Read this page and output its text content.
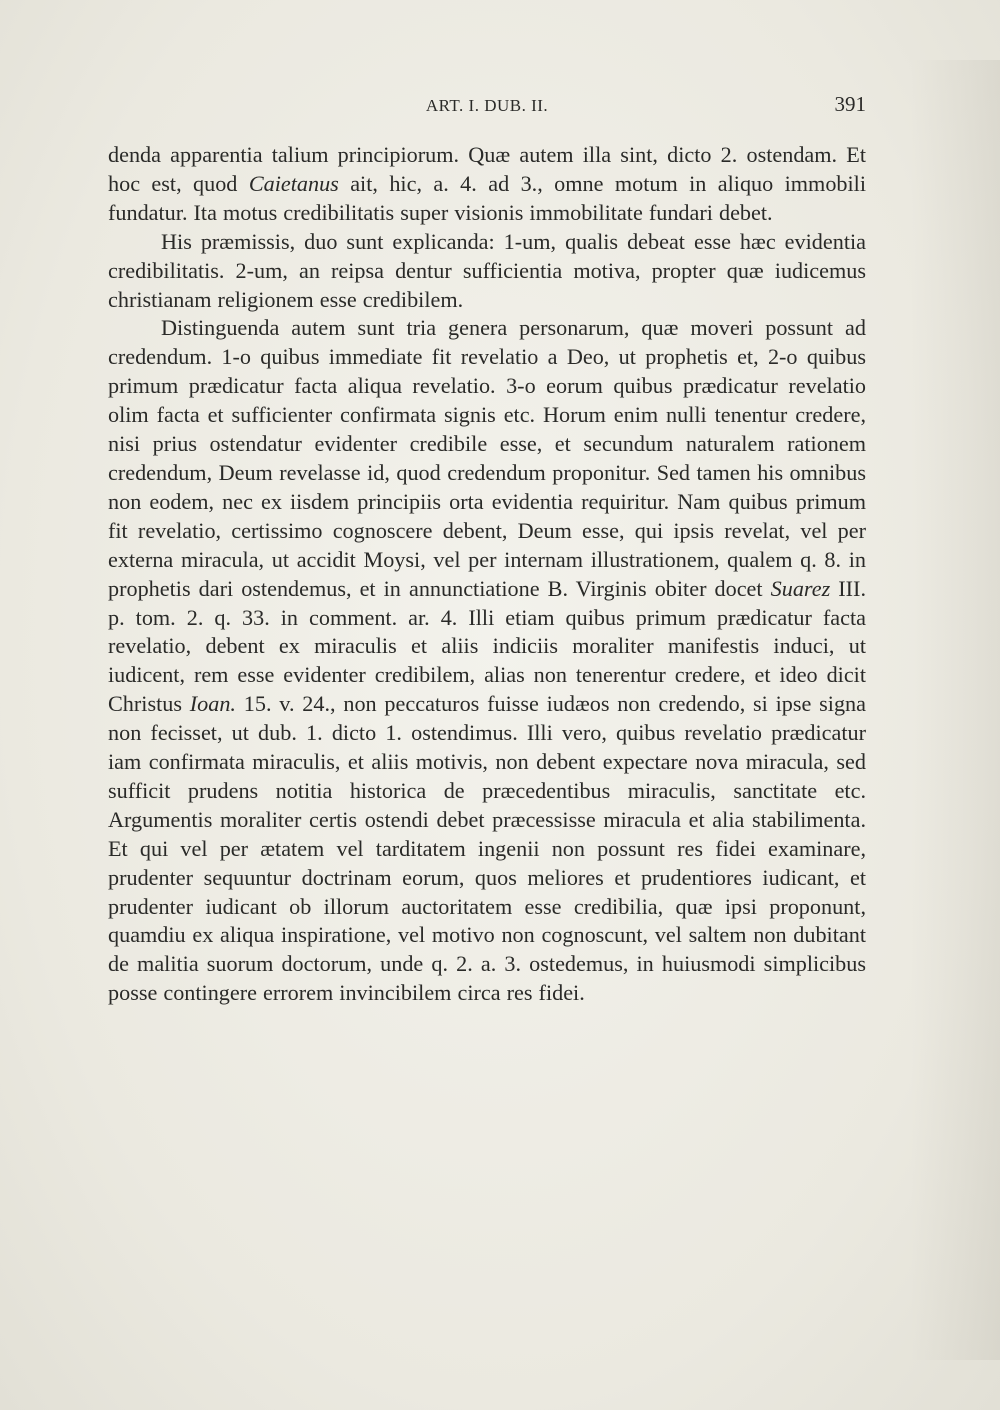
ART. I. DUB. II.	391

denda apparentia talium principiorum. Quæ autem illa sint, dicto 2. ostendam. Et hoc est, quod Caietanus ait, hic, a. 4. ad 3., omne motum in aliquo immobili fundatur. Ita motus credibilitatis super visionis immobilitate fundari debet.

His præmissis, duo sunt explicanda: 1-um, qualis debeat esse hæc evidentia credibilitatis. 2-um, an reipsa dentur sufficientia motiva, propter quæ iudicemus christianam religionem esse credibilem.

Distinguenda autem sunt tria genera personarum, quæ moveri possunt ad credendum. 1-o quibus immediate fit revelatio a Deo, ut prophetis et, 2-o quibus primum prædicatur facta aliqua revelatio. 3-o eorum quibus prædicatur revelatio olim facta et sufficienter confirmata signis etc. Horum enim nulli tenentur credere, nisi prius ostendatur evidenter credibile esse, et secundum naturalem rationem credendum, Deum revelasse id, quod credendum proponitur. Sed tamen his omnibus non eodem, nec ex iisdem principiis orta evidentia requiritur. Nam quibus primum fit revelatio, certissimo cognoscere debent, Deum esse, qui ipsis revelat, vel per externa miracula, ut accidit Moysi, vel per internam illustrationem, qualem q. 8. in prophetis dari ostendemus, et in annunctiatione B. Virginis obiter docet Suarez III. p. tom. 2. q. 33. in comment. ar. 4. Illi etiam quibus primum prædicatur facta revelatio, debent ex miraculis et aliis indiciis moraliter manifestis induci, ut iudicent, rem esse evidenter credibilem, alias non tenerentur credere, et ideo dicit Christus Ioan. 15. v. 24., non peccaturos fuisse iudæos non credendo, si ipse signa non fecisset, ut dub. 1. dicto 1. ostendimus. Illi vero, quibus revelatio prædicatur iam confirmata miraculis, et aliis motivis, non debent expectare nova miracula, sed sufficit prudens notitia historica de præcedentibus miraculis, sanctitate etc. Argumentis moraliter certis ostendi debet præcessisse miracula et alia stabilimenta. Et qui vel per ætatem vel tarditatem ingenii non possunt res fidei examinare, prudenter sequuntur doctrinam eorum, quos meliores et prudentiores iudicant, et prudenter iudicant ob illorum auctoritatem esse credibilia, quæ ipsi proponunt, quamdiu ex aliqua inspiratione, vel motivo non cognoscunt, vel saltem non dubitant de malitia suorum doctorum, unde q. 2. a. 3. ostedemus, in huiusmodi simplicibus posse contingere errorem invincibilem circa res fidei.
